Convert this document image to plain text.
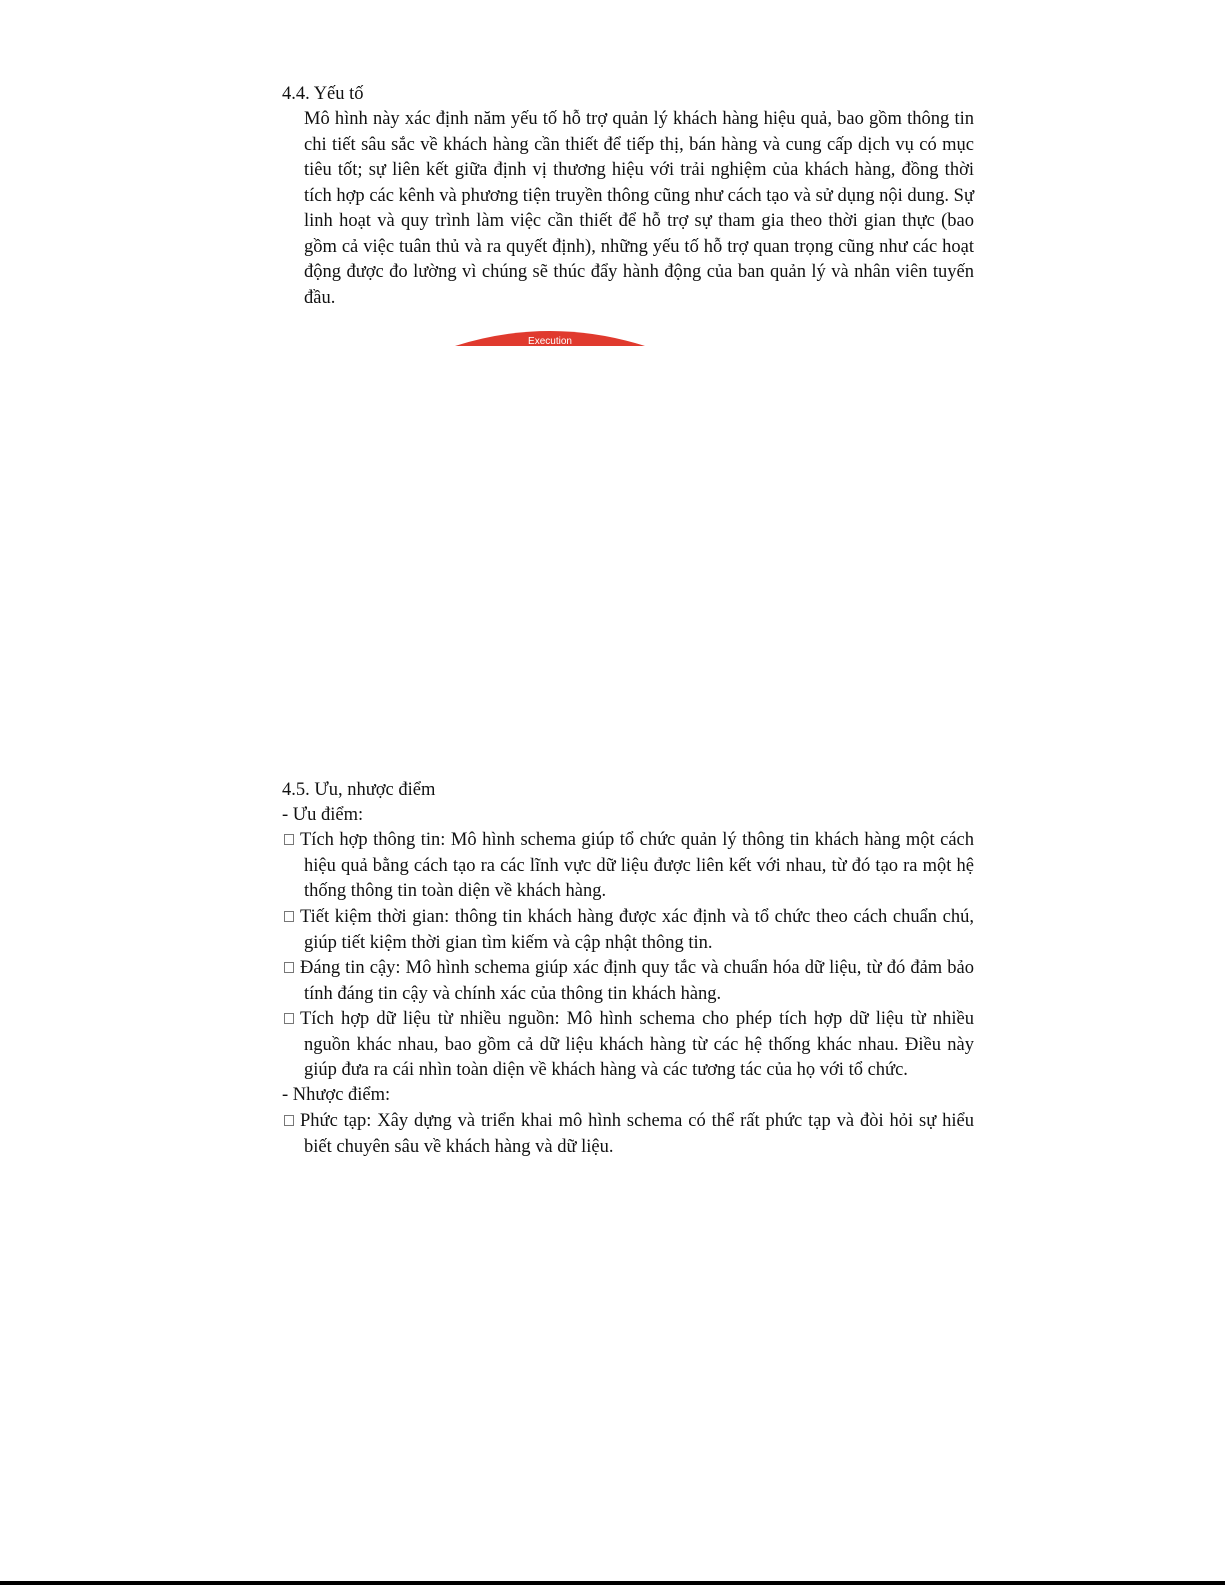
4.4. Yếu tố

Mô hình này xác định năm yếu tố hỗ trợ quản lý khách hàng hiệu quả, bao gồm thông tin chi tiết sâu sắc về khách hàng cần thiết để tiếp thị, bán hàng và cung cấp dịch vụ có mục tiêu tốt; sự liên kết giữa định vị thương hiệu với trải nghiệm của khách hàng, đồng thời tích hợp các kênh và phương tiện truyền thông cũng như cách tạo và sử dụng nội dung. Sự linh hoạt và quy trình làm việc cần thiết để hỗ trợ sự tham gia theo thời gian thực (bao gồm cả việc tuân thủ và ra quyết định), những yếu tố hỗ trợ quan trọng cũng như các hoạt động được đo lường vì chúng sẽ thúc đẩy hành động của ban quản lý và nhân viên tuyến đầu.

Execution
4.5. Ưu, nhược điểm

- Ưu điểm:

Tích hợp thông tin: Mô hình schema giúp tổ chức quản lý thông tin khách hàng một cách hiệu quả bằng cách tạo ra các lĩnh vực dữ liệu được liên kết với nhau, từ đó tạo ra một hệ thống thông tin toàn diện về khách hàng.

Tiết kiệm thời gian: thông tin khách hàng được xác định và tổ chức theo cách chuẩn chú, giúp tiết kiệm thời gian tìm kiếm và cập nhật thông tin.

Đáng tin cậy: Mô hình schema giúp xác định quy tắc và chuẩn hóa dữ liệu, từ đó đảm bảo tính đáng tin cậy và chính xác của thông tin khách hàng.

Tích hợp dữ liệu từ nhiều nguồn: Mô hình schema cho phép tích hợp dữ liệu từ nhiều nguồn khác nhau, bao gồm cả dữ liệu khách hàng từ các hệ thống khác nhau. Điều này giúp đưa ra cái nhìn toàn diện về khách hàng và các tương tác của họ với tổ chức.

- Nhược điểm:

Phức tạp: Xây dựng và triển khai mô hình schema có thể rất phức tạp và đòi hỏi sự hiểu biết chuyên sâu về khách hàng và dữ liệu.
